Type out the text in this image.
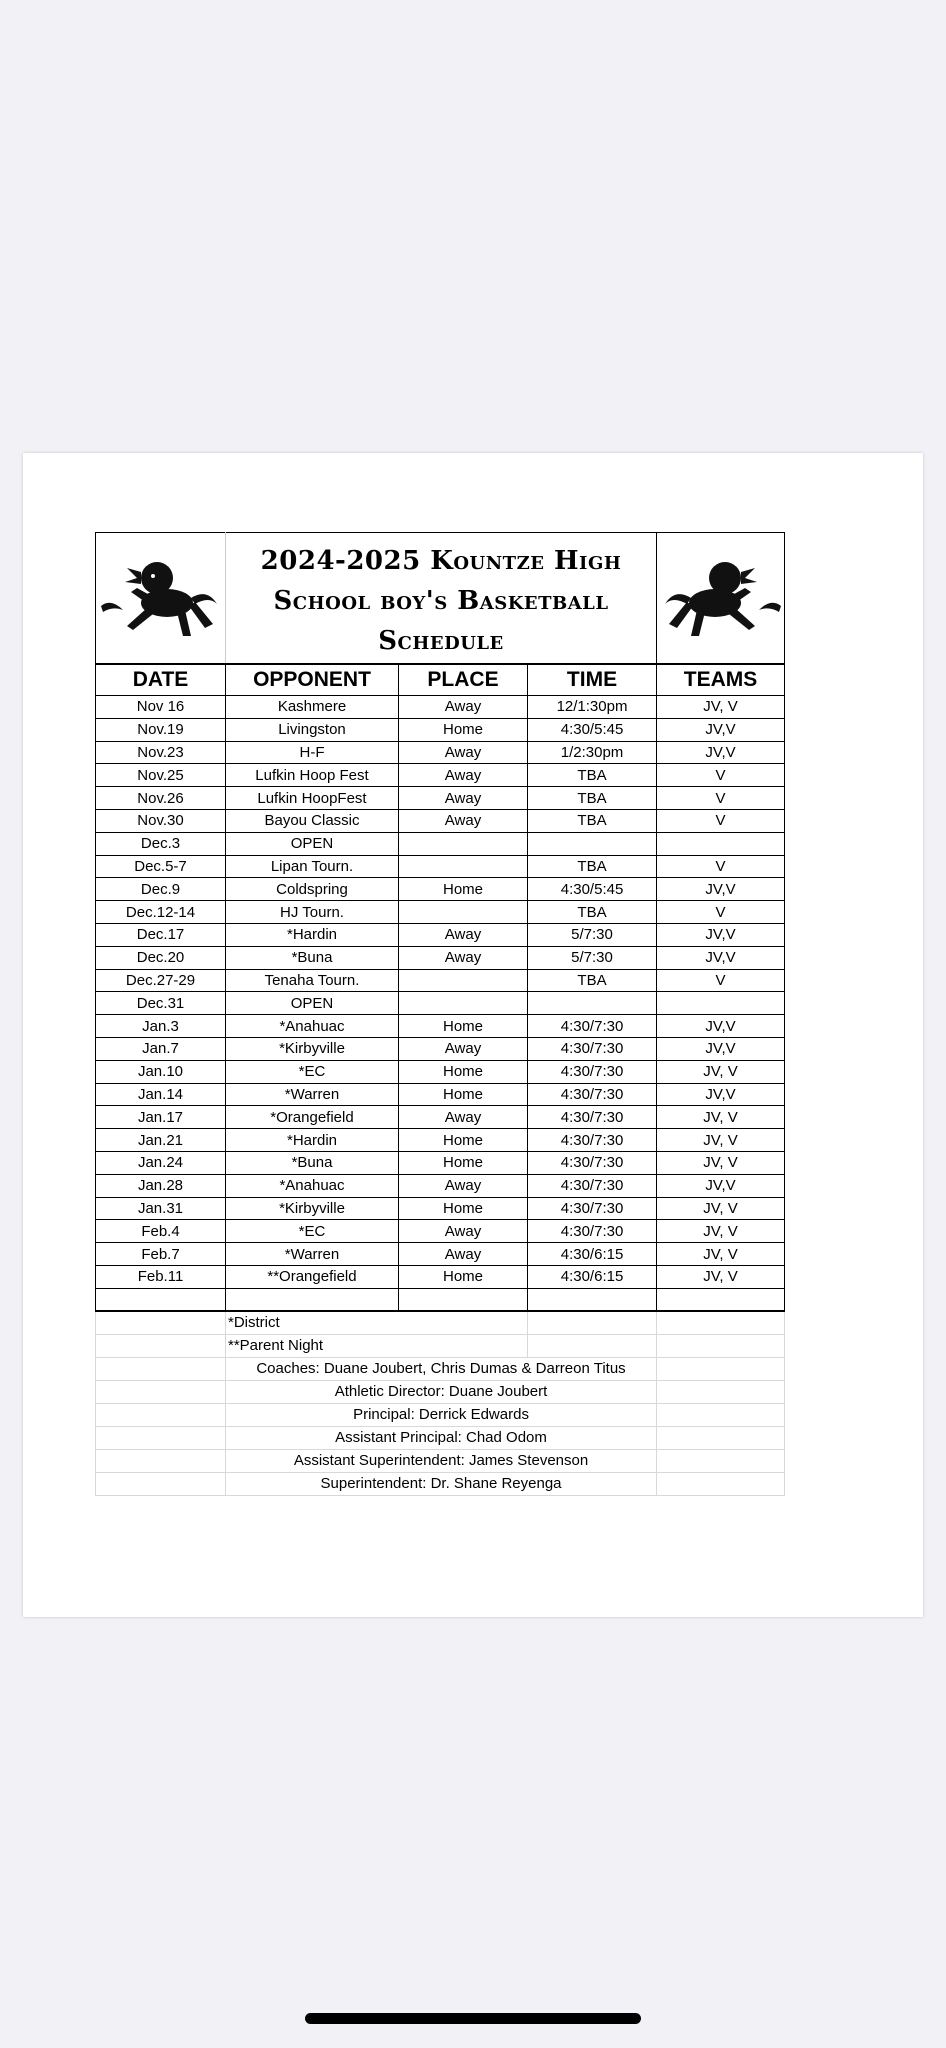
2024-2025 Kountze High
School boy's Basketball
Schedule

DATE	OPPONENT	PLACE	TIME	TEAMS
Nov 16	Kashmere	Away	12/1:30pm	JV, V
Nov.19	Livingston	Home	4:30/5:45	JV,V
Nov.23	H-F	Away	1/2:30pm	JV,V
Nov.25	Lufkin Hoop Fest	Away	TBA	V
Nov.26	Lufkin HoopFest	Away	TBA	V
Nov.30	Bayou Classic	Away	TBA	V
Dec.3	OPEN			
Dec.5-7	Lipan Tourn.		TBA	V
Dec.9	Coldspring	Home	4:30/5:45	JV,V
Dec.12-14	HJ Tourn.		TBA	V
Dec.17	*Hardin	Away	5/7:30	JV,V
Dec.20	*Buna	Away	5/7:30	JV,V
Dec.27-29	Tenaha Tourn.		TBA	V
Dec.31	OPEN			
Jan.3	*Anahuac	Home	4:30/7:30	JV,V
Jan.7	*Kirbyville	Away	4:30/7:30	JV,V
Jan.10	*EC	Home	4:30/7:30	JV, V
Jan.14	*Warren	Home	4:30/7:30	JV,V
Jan.17	*Orangefield	Away	4:30/7:30	JV, V
Jan.21	*Hardin	Home	4:30/7:30	JV, V
Jan.24	*Buna	Home	4:30/7:30	JV, V
Jan.28	*Anahuac	Away	4:30/7:30	JV,V
Jan.31	*Kirbyville	Home	4:30/7:30	JV, V
Feb.4	*EC	Away	4:30/7:30	JV, V
Feb.7	*Warren	Away	4:30/6:15	JV, V
Feb.11	**Orangefield	Home	4:30/6:15	JV, V

	*District			
	**Parent Night			
	Coaches: Duane Joubert, Chris Dumas & Darreon Titus			
	Athletic Director: Duane Joubert			
	Principal: Derrick Edwards			
	Assistant Principal: Chad Odom			
	Assistant Superintendent: James Stevenson			
	Superintendent: Dr. Shane Reyenga			
